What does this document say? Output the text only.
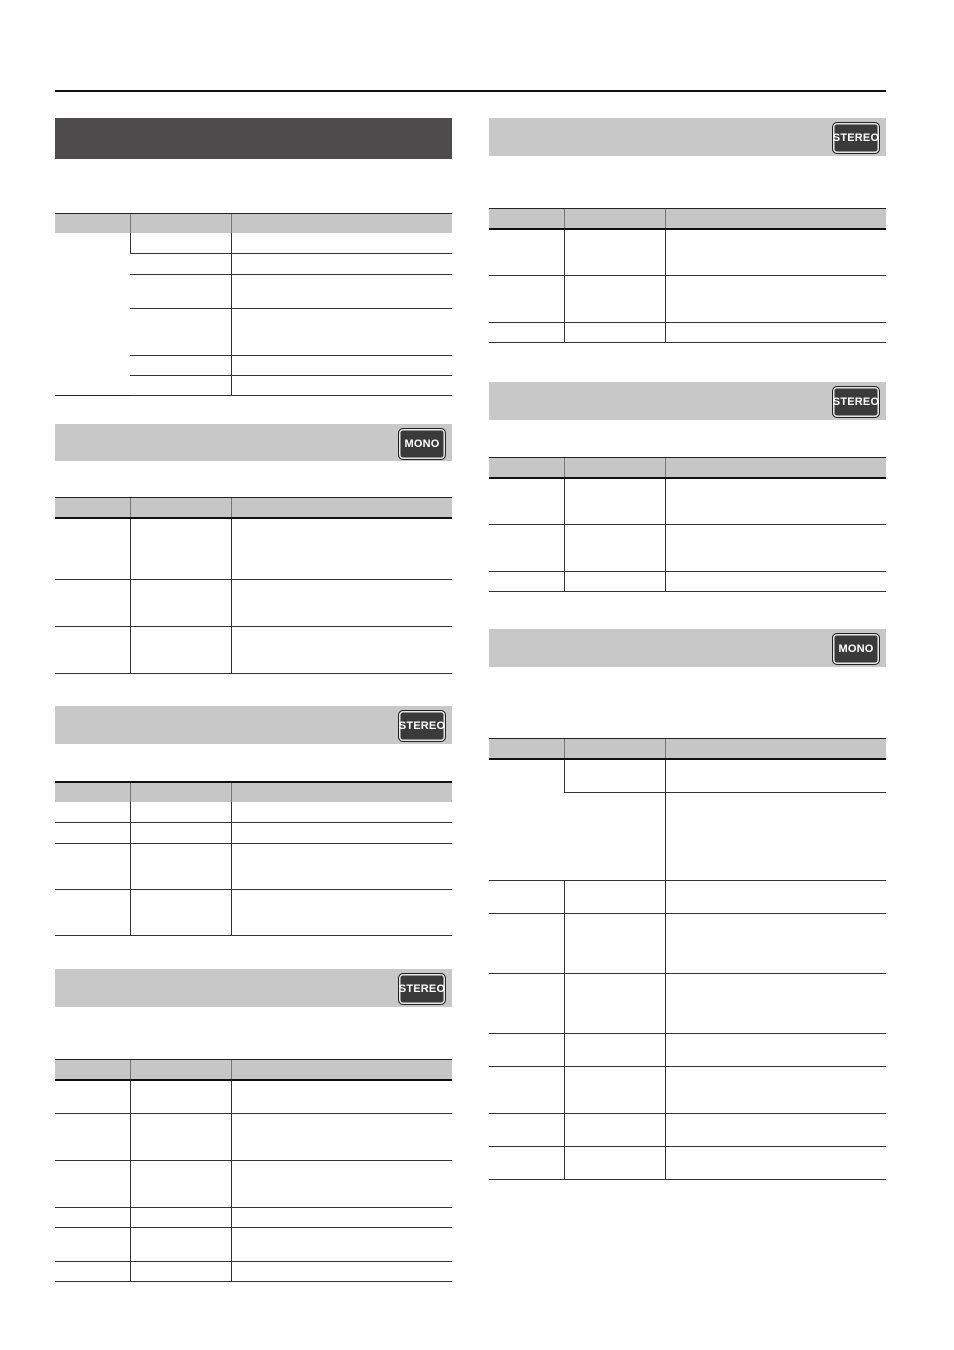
MONO

STEREO

STEREO

STEREO

STEREO

MONO
